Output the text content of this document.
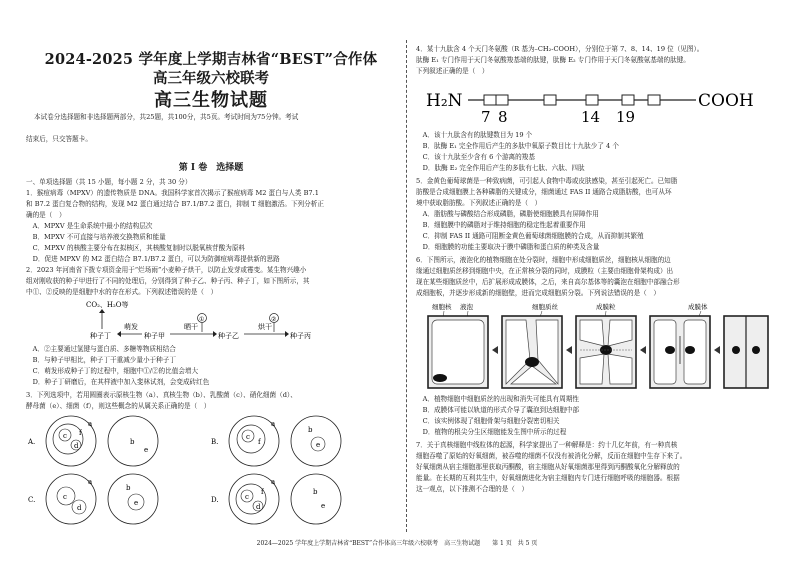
2024-2025 学年度上学期吉林省“BEST”合作体
高三年级六校联考
高三生物试题
本试卷分选择题和非选择题两部分，共25题，共100分，共5页。考试时间为75分钟。考试
结束后，只交答题卡。
第 I 卷　选择题
一、单项选择题（共 15 小题，每小题 2 分，共 30 分）
1．猴痘病毒（MPXV）的遗传物质是 DNA。我国科学家首次揭示了猴痘病毒 M2 蛋白与人类 B7.1
和 B7.2 蛋白复合物的结构，发现 M2 蛋白通过结合 B7.1/B7.2 蛋白，抑制 T 细胞激活。下列分析正
确的是（　）
　A．MPXV 是生命系统中最小的结构层次
　B．MPXV 不可直接与培养液交换物质和能量
　C．MPXV 的核酸主要分布在拟核区，其核酸复制时以脱氧核苷酸为原料
　D．促进 MPXV 的 M2 蛋白结合 B7.1/B7.2 蛋白，可以为防御痘病毒提供新的思路
2．2023 年河南省下拨专项资金用于“烂场雨”小麦种子烘干，以防止发芽或霉变。某生物兴趣小
组对刚收获的种子甲进行了不同的处理后，分别得到了种子乙、种子丙、种子丁，如下图所示，其
中①、②反映的是细胞中水的存在形式。下列叙述错误的是（　）
CO₂、H₂O等
种子丁
萌发
种子甲
晒干
①
种子乙
烘干
②
种子丙
　A．②主要通过氢键与蛋白质、多糖等物质相结合
　B．与种子甲相比，种子丁干重减少量小于种子丁
　C．萌发形成种子丁的过程中，细胞中①/②的比值会增大
　D．种子丁研磨后，在其样液中加入斐林试剂，会变成砖红色
3．下列选项中，若用圆圈表示原核生物（a）、真核生物（b）、乳酸菌（c）、硝化细菌（d）、
酵母菌（e）、细菌（f），则这些概念的从属关系正确的是（　）
A.
a
f
c
d	b
e
B.
a
f
c
b
e
C.
a
c
d
b
e	D.
a
f
c
d
b
e
4．某十九肽含 4 个天门冬氨酸（R 基为–CH₂-COOH），分别位于第 7、8、14、19 位（见图）。
肽酶 E₁ 专门作用于天门冬氨酸羧基端的肽键，肽酶 E₂ 专门作用于天门冬氨酸氨基端的肽键。
下列叙述正确的是（　）
H₂N
7 8	14 19
COOH
　A．该十九肽含有的肽键数目为 19 个
　B．肽酶 E₁ 完全作用后产生的多肽中氧原子数目比十九肽少了 4 个
　C．该十九肽至少含有 6 个游离的羧基
　D．肽酶 E₂ 完全作用后产生的多肽有七肽、六肽、四肽
5．金黄色葡萄球菌是一种致病菌，可引起人食物中毒或皮肤感染，甚至引起死亡。已知脂
肪酸是合成细胞膜上各种磷脂的关键成分，细菌通过 FAS II 通路合成脂肪酸，也可从环
境中获取脂肪酸。下列叙述正确的是（　）
　A．脂肪酸与磷酸结合形成磷脂，磷脂使细胞膜具有屏障作用
　B．细胞膜中的磷脂对于维持细胞的稳定性起着重要作用
　C．抑制 FAS II 通路可阻断金黄色葡萄球菌细胞膜的合成，从而抑制其繁殖
　D．细胞膜的功能主要取决于膜中磷脂和蛋白质的种类及含量
6．下图所示，液泡化的植物细胞在处分裂时，细胞中形成细胞质丝，细胞核从细胞的边
缘通过细胞质丝移到细胞中央，在正常核分裂的同时，成膜粒（主要由细胞骨架构成）出
现在某些细胞质丝中，后扩展形成成膜体，之后，来自高尔基体等的囊泡在细胞中部融合形
成细胞板，并逐步形成新的细胞壁，进而完成细胞质分裂。下列说法错误的是（　）
细胞核 液泡	细胞质丝	成膜粒	成膜体
　A．植物细胞中细胞质丝的出现和消失可能具有周期性
　B．成膜体可能以轨道的形式介导了囊泡到达细胞中部
　C．该实例体现了细胞骨架与细胞分裂密切相关
　D．植物的根尖分生区细胞能发生图中所示的过程
7．关于真核细胞中线粒体的起源，科学家提出了一种解释是：约十几亿年前，有一种真核
细胞吞噬了原始的好氧细菌，被吞噬的细菌不仅没有被消化分解，反而在细胞中生存下来了。
好氧细菌从宿主细胞那里获取丙酮酸，宿主细胞从好氧细菌那里得到丙酮酸氧化分解释放的
能量。在长期的互利共生中，好氧细菌进化为宿主细胞内专门进行细胞呼吸的细胞器。根据
这一观点，以下推测不合理的是（　）
2024—2025 学年度上学期吉林省“BEST”合作体高三年级六校联考　高三生物试题　　第 1 页　共 5 页
